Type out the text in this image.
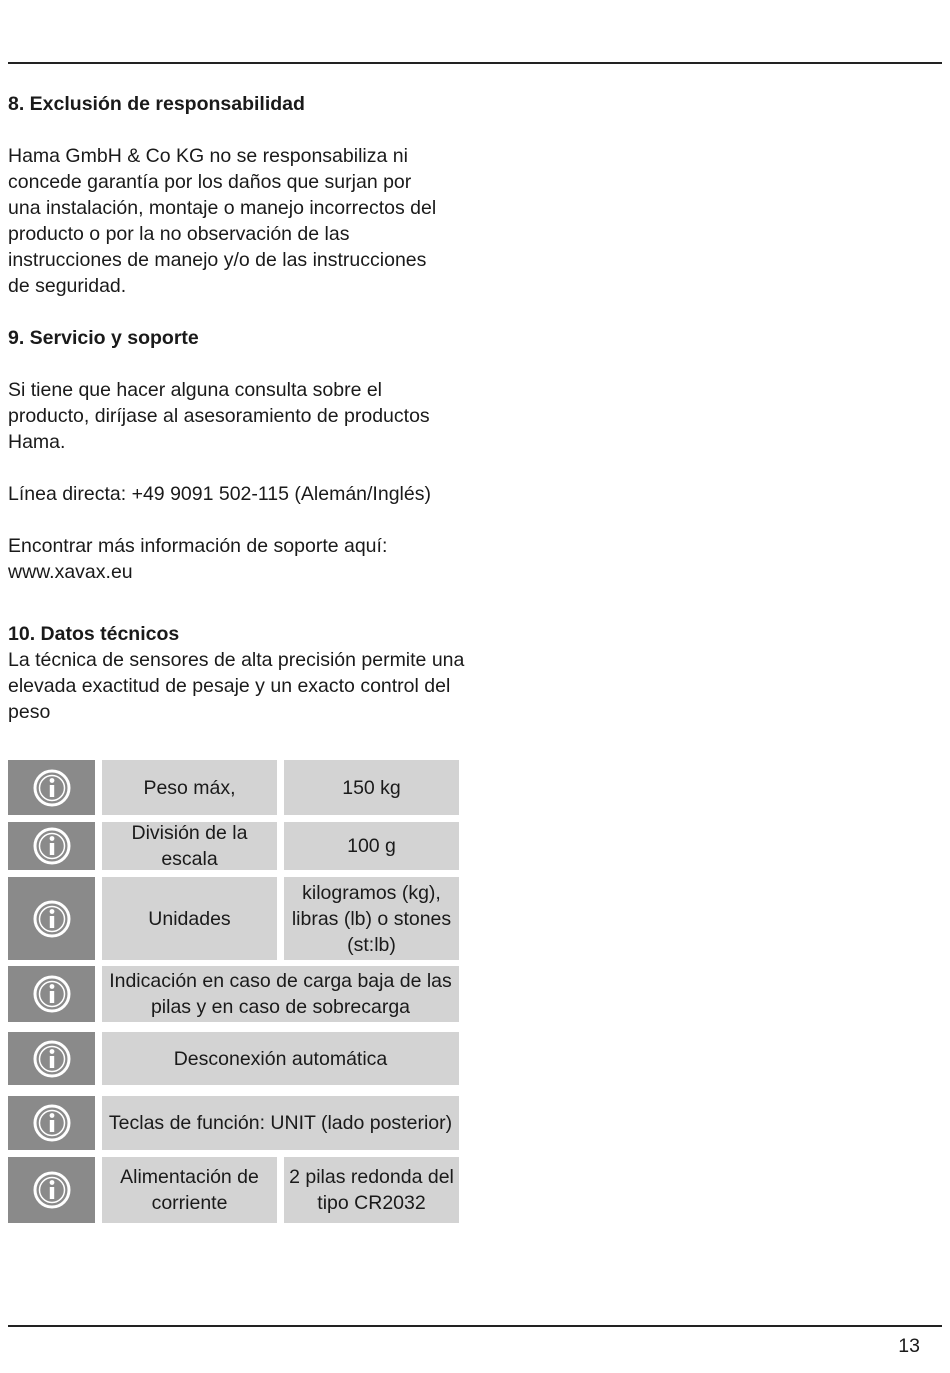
8. Exclusión de responsabilidad

Hama GmbH & Co KG no se responsabiliza ni concede garantía por los daños que surjan por una instalación, montaje o manejo incorrectos del producto o por la no observación de las instrucciones de manejo y/o de las instrucciones de seguridad.

9. Servicio y soporte

Si tiene que hacer alguna consulta sobre el producto, diríjase al asesoramiento de productos Hama.

Línea directa: +49 9091 502-115 (Alemán/Inglés)

Encontrar más información de soporte aquí:
www.xavax.eu
10. Datos técnicos

La técnica de sensores de alta precisión permite una elevada exactitud de pesaje y un exacto control del peso

Peso máx,	150 kg
División de la escala
100 g
Unidades
kilogramos (kg), libras (lb) o stones (st:lb)
Indicación en caso de carga baja de las pilas y en caso de sobrecarga
Desconexión automática
Teclas de función: UNIT (lado posterior)
Alimentación de corriente
2 pilas redonda del tipo CR2032
13
